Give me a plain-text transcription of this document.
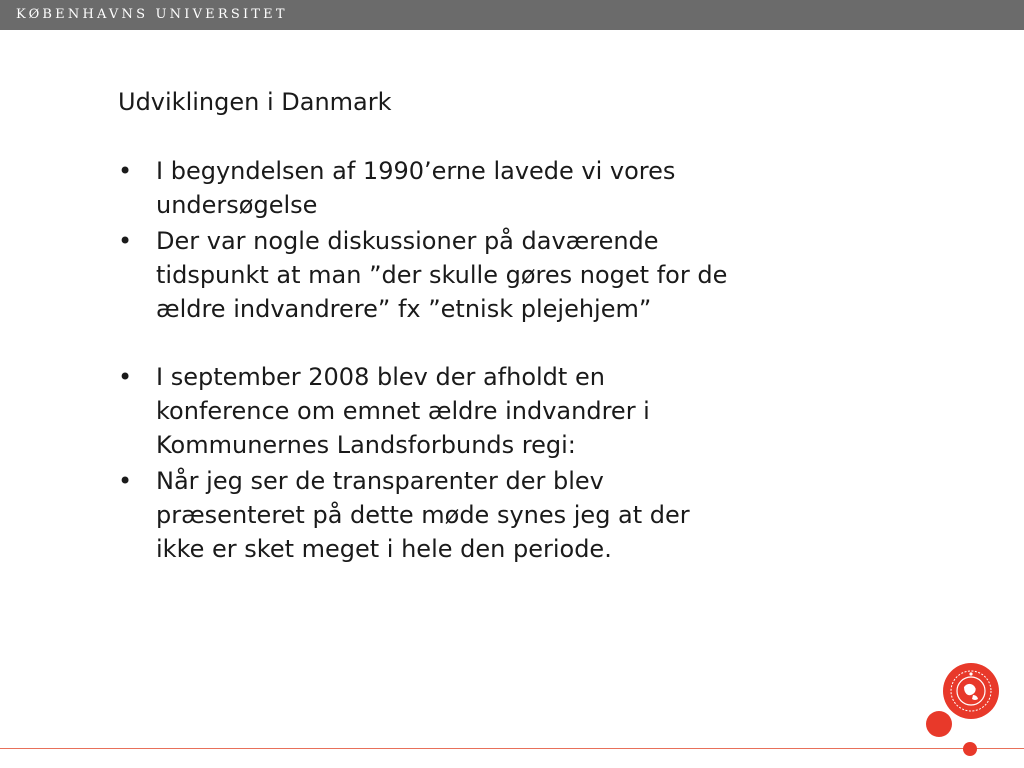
KØBENHAVNS UNIVERSITET
Udviklingen i Danmark
• I begyndelsen af 1990’erne lavede vi vores
undersøgelse
• Der var nogle diskussioner på daværende
tidspunkt at man ”der skulle gøres noget for de
ældre indvandrere” fx ”etnisk plejehjem”
• I september 2008 blev der afholdt en
konference om emnet ældre indvandrer i
Kommunernes Landsforbunds regi:
• Når jeg ser de transparenter der blev
præsenteret på dette møde synes jeg at der
ikke er sket meget i hele den periode.
